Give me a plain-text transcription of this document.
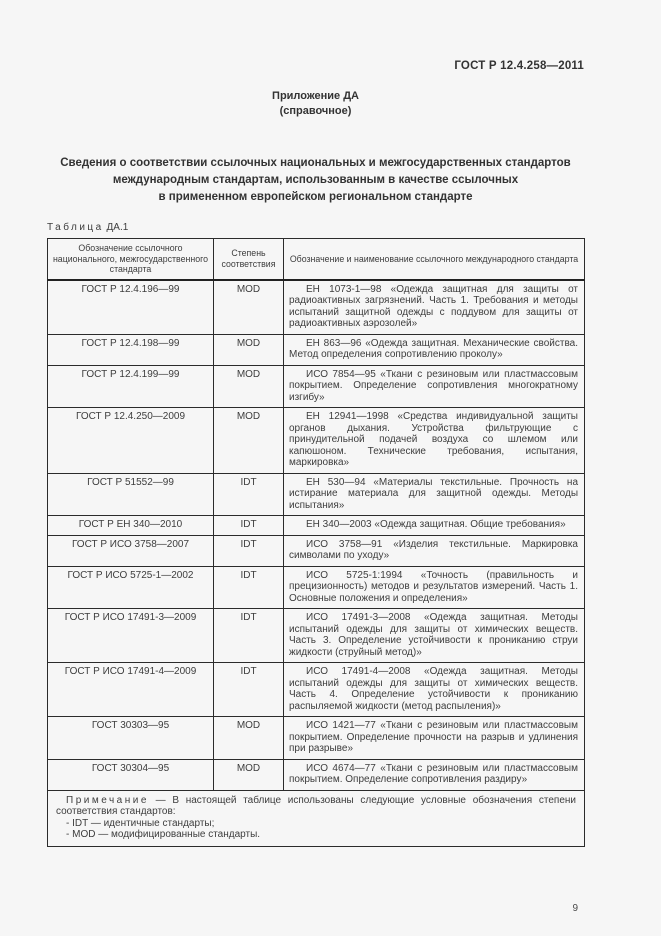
ГОСТ Р 12.4.258—2011
Приложение ДА
(справочное)
Сведения о соответствии ссылочных национальных и межгосударственных стандартов
международным стандартам, использованным в качестве ссылочных
в примененном европейском региональном стандарте
Таблица ДА.1
Обозначение ссылочного национального, межгосударственного стандарта	Степень соответствия	Обозначение и наименование ссылочного международного стандарта
ГОСТ Р 12.4.196—99	MOD	ЕН 1073-1—98 «Одежда защитная для защиты от радиоактивных загрязнений. Часть 1. Требования и методы испытаний защитной одежды с поддувом для защиты от радиоактивных аэрозолей»
ГОСТ Р 12.4.198—99	MOD	ЕН 863—96 «Одежда защитная. Механические свойства. Метод определения сопротивлению проколу»
ГОСТ Р 12.4.199—99	MOD	ИСО 7854—95 «Ткани с резиновым или пластмассовым покрытием. Определение сопротивления многократному изгибу»
ГОСТ Р 12.4.250—2009	MOD	ЕН 12941—1998 «Средства индивидуальной защиты органов дыхания. Устройства фильтрующие с принудительной подачей воздуха со шлемом или капюшоном. Технические требования, испытания, маркировка»
ГОСТ Р 51552—99	IDT	ЕН 530—94 «Материалы текстильные. Прочность на истирание материала для защитной одежды. Методы испытания»
ГОСТ Р ЕН 340—2010	IDT	ЕН 340—2003 «Одежда защитная. Общие требования»
ГОСТ Р ИСО 3758—2007	IDT	ИСО 3758—91 «Изделия текстильные. Маркировка символами по уходу»
ГОСТ Р ИСО 5725-1—2002	IDT	ИСО 5725-1:1994 «Точность (правильность и прецизионность) методов и результатов измерений. Часть 1. Основные положения и определения»
ГОСТ Р ИСО 17491-3—2009	IDT	ИСО 17491-3—2008 «Одежда защитная. Методы испытаний одежды для защиты от химических веществ. Часть 3. Определение устойчивости к прониканию струи жидкости (струйный метод)»
ГОСТ Р ИСО 17491-4—2009	IDT	ИСО 17491-4—2008 «Одежда защитная. Методы испытаний одежды для защиты от химических веществ. Часть 4. Определение устойчивости к прониканию распыляемой жидкости (метод распыления)»
ГОСТ 30303—95	MOD	ИСО 1421—77 «Ткани с резиновым или пластмассовым покрытием. Определение прочности на разрыв и удлинения при разрыве»
ГОСТ 30304—95	MOD	ИСО 4674—77 «Ткани с резиновым или пластмассовым покрытием. Определение сопротивления раздиру»

Примечание — В настоящей таблице использованы следующие условные обозначения степени соответствия стандартов:
- IDT — идентичные стандарты;
- MOD — модифицированные стандарты.		
9
